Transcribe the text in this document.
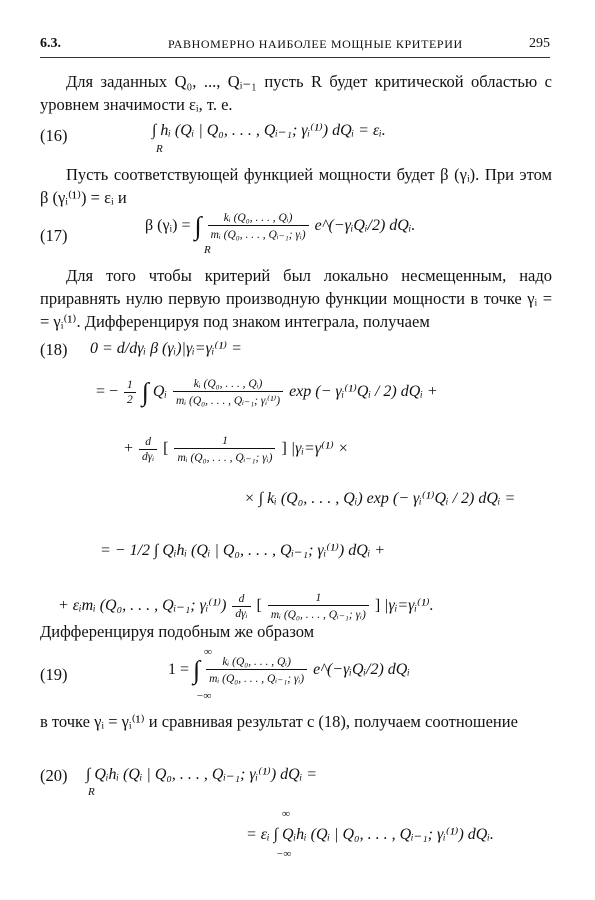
6.3.	РАВНОМЕРНО НАИБОЛЕЕ МОЩНЫЕ КРИТЕРИИ	295
Для заданных Q₀, ..., Qᵢ₋₁ пусть R будет критической областью с уровнем значимости εᵢ, т. е.
(16)	∫ hᵢ (Qᵢ | Q₀, . . . , Qᵢ₋₁; γᵢ⁽¹⁾) dQᵢ = εᵢ.
R
Пусть соответствующей функцией мощности будет β (γᵢ). При этом β (γᵢ⁽¹⁾) = εᵢ и
(17)
β (γᵢ) = ∫ $\frac{\text{kᵢ (Q₀, . . . , Qᵢ)}}{\text{mᵢ (Q₀, . . . , Qᵢ₋₁; γᵢ)}}$ e^(−γᵢQᵢ/2) dQᵢ.
R
Для того чтобы критерий был локально несмещенным, надо приравнять нулю первую производную функции мощности в точке γᵢ = = γᵢ⁽¹⁾. Дифференцируя под знаком интеграла, получаем
(18) 0 = d/dγᵢ β (γᵢ)|γᵢ=γᵢ⁽¹⁾ =
= − $\frac{1}{2}$ ∫ Qᵢ $\frac{\text{kᵢ (Q₀, . . . , Qᵢ)}}{\text{mᵢ (Q₀, . . . , Qᵢ₋₁; γᵢ⁽¹⁾)}}$ exp (− γᵢ⁽¹⁾Qᵢ / 2) dQᵢ +
+ $\frac{d}{\text{dγᵢ}}$ [ $\frac{1}{\text{mᵢ (Q₀, . . . , Qᵢ₋₁; γᵢ)}}$ ] |γᵢ=γ⁽¹⁾ ×
× ∫ kᵢ (Q₀, . . . , Qᵢ) exp (− γᵢ⁽¹⁾Qᵢ / 2) dQᵢ =
= − 1/2 ∫ Qᵢhᵢ (Qᵢ | Q₀, . . . , Qᵢ₋₁; γᵢ⁽¹⁾) dQᵢ +
+ εᵢmᵢ (Q₀, . . . , Qᵢ₋₁; γᵢ⁽¹⁾) $\frac{d}{\text{dγᵢ}}$ [ $\frac{1}{\text{mᵢ (Q₀, . . . , Qᵢ₋₁; γᵢ)}}$ ] |γᵢ=γᵢ⁽¹⁾.
Дифференцируя подобным же образом
(19)
∞
1 = ∫ $\frac{\text{kᵢ (Q₀, . . . , Qᵢ)}}{\text{mᵢ (Q₀, . . . , Qᵢ₋₁; γᵢ)}}$ e^(−γᵢQᵢ/2) dQᵢ
−∞
в точке γᵢ = γᵢ⁽¹⁾ и сравнивая результат с (18), получаем соотношение
(20) ∫ Qᵢhᵢ (Qᵢ | Q₀, . . . , Qᵢ₋₁; γᵢ⁽¹⁾) dQᵢ =
R
∞
= εᵢ ∫ Qᵢhᵢ (Qᵢ | Q₀, . . . , Qᵢ₋₁; γᵢ⁽¹⁾) dQᵢ.
−∞
